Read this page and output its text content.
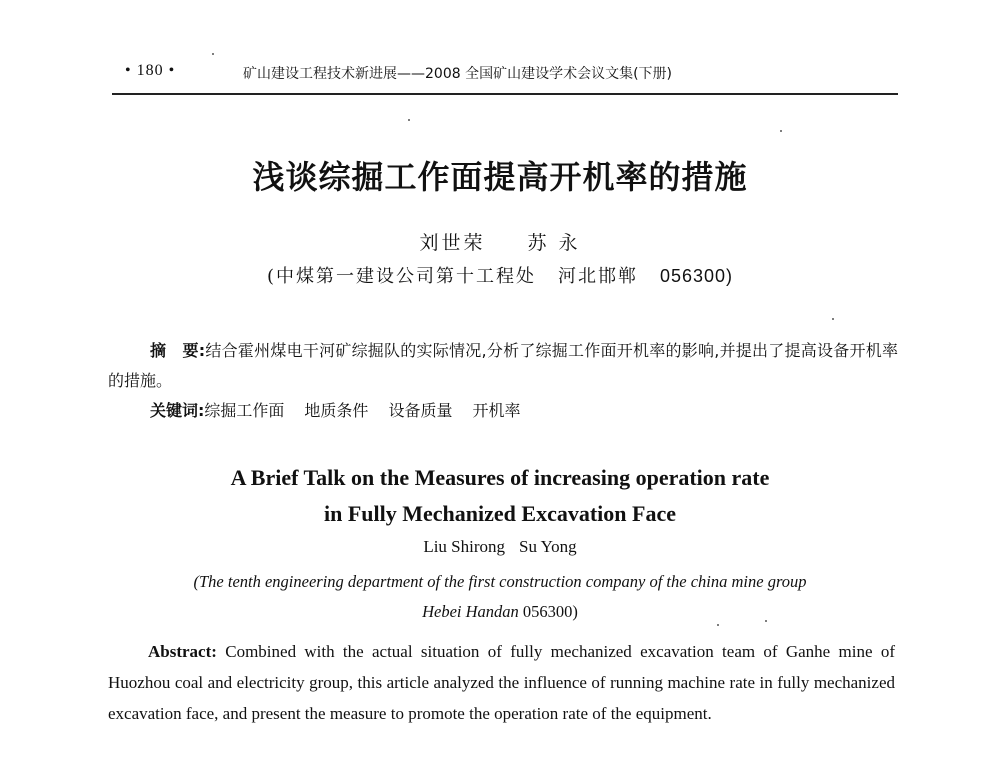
• 180 •	矿山建设工程技术新进展——2008 全国矿山建设学术会议文集(下册)
浅谈综掘工作面提高开机率的措施
刘世荣 苏 永
(中煤第一建设公司第十工程处 河北邯郸 056300)
摘　要:结合霍州煤电干河矿综掘队的实际情况,分析了综掘工作面开机率的影响,并提出了提高设备开机率的措施。
关键词:综掘工作面 地质条件 设备质量 开机率
A Brief Talk on the Measures of increasing operation rate
in Fully Mechanized Excavation Face
Liu Shirong Su Yong
(The tenth engineering department of the first construction company of the china mine group
Hebei Handan 056300)
Abstract: Combined with the actual situation of fully mechanized excavation team of Ganhe mine of Huozhou coal and electricity group, this article analyzed the influence of running machine rate in fully mechanized excavation face, and present the measure to promote the operation rate of the equipment.
